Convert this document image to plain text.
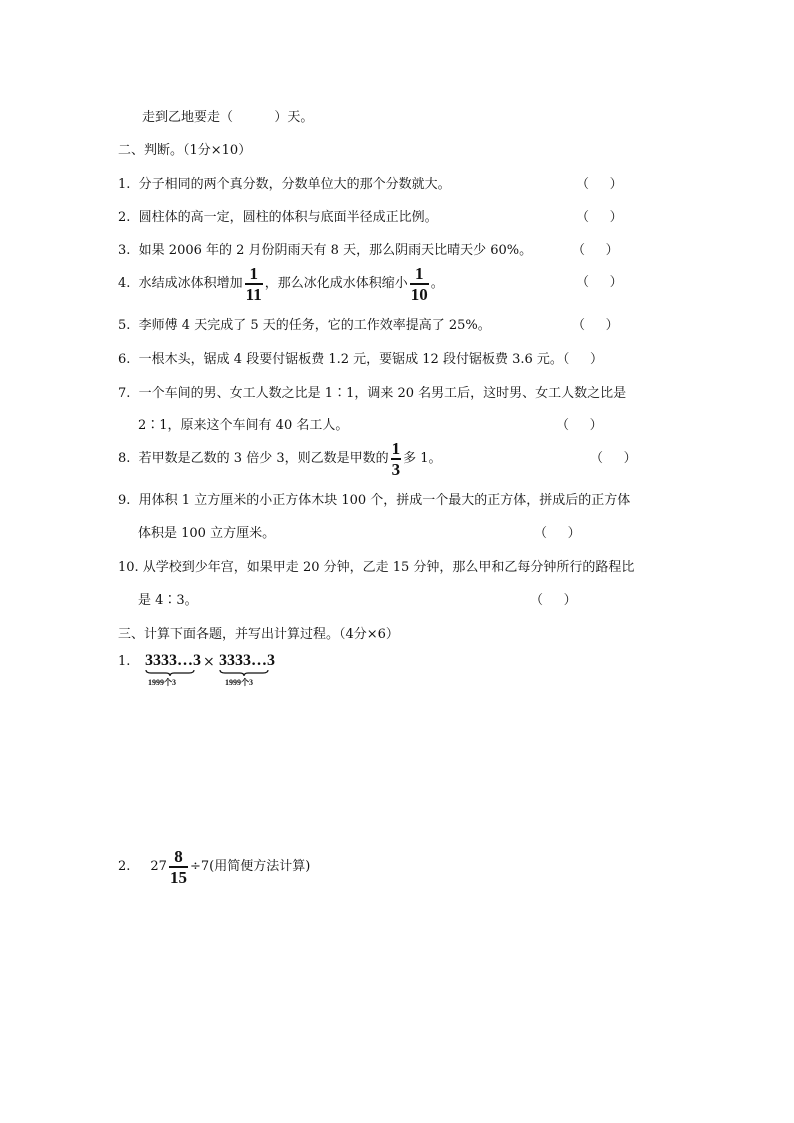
走到乙地要走（          ）天。
二、判断。（1分×10）
1.  分子相同的两个真分数，分数单位大的那个分数就大。	（     ）
2.  圆柱体的高一定，圆柱的体积与底面半径成正比例。	（     ）
3.  如果 2006 年的 2 月份阴雨天有 8 天，那么阴雨天比晴天少 60%。	（     ）
4.  水结成冰体积增加 $\frac{1}{11}$ ，那么冰化成水体积缩小 $\frac{1}{10}$ 。	（     ）
5.  李师傅 4 天完成了 5 天的任务，它的工作效率提高了 25%。	（     ）
6.  一根木头，锯成 4 段要付锯板费 1.2 元，要锯成 12 段付锯板费 3.6 元。（     ）
7.  一个车间的男、女工人数之比是 1∶1，调来 20 名男工后，这时男、女工人数之比是
2∶1，原来这个车间有 40 名工人。	（     ）
8.  若甲数是乙数的 3 倍少 3，则乙数是甲数的 $\frac{1}{3}$ 多 1。	（     ）
9.  用体积 1 立方厘米的小正方体木块 100 个，拼成一个最大的正方体，拼成后的正方体
体积是 100 立方厘米。	（     ）
10. 从学校到少年宫，如果甲走 20 分钟，乙走 15 分钟，那么甲和乙每分钟所行的路程比
是 4∶3。	（     ）
三、计算下面各题，并写出计算过程。（4分×6）
1. 3333…3
1999个3
× 3333…3
1999个3
2. $27 \frac{8}{15} \div 7$(用简便方法计算)
